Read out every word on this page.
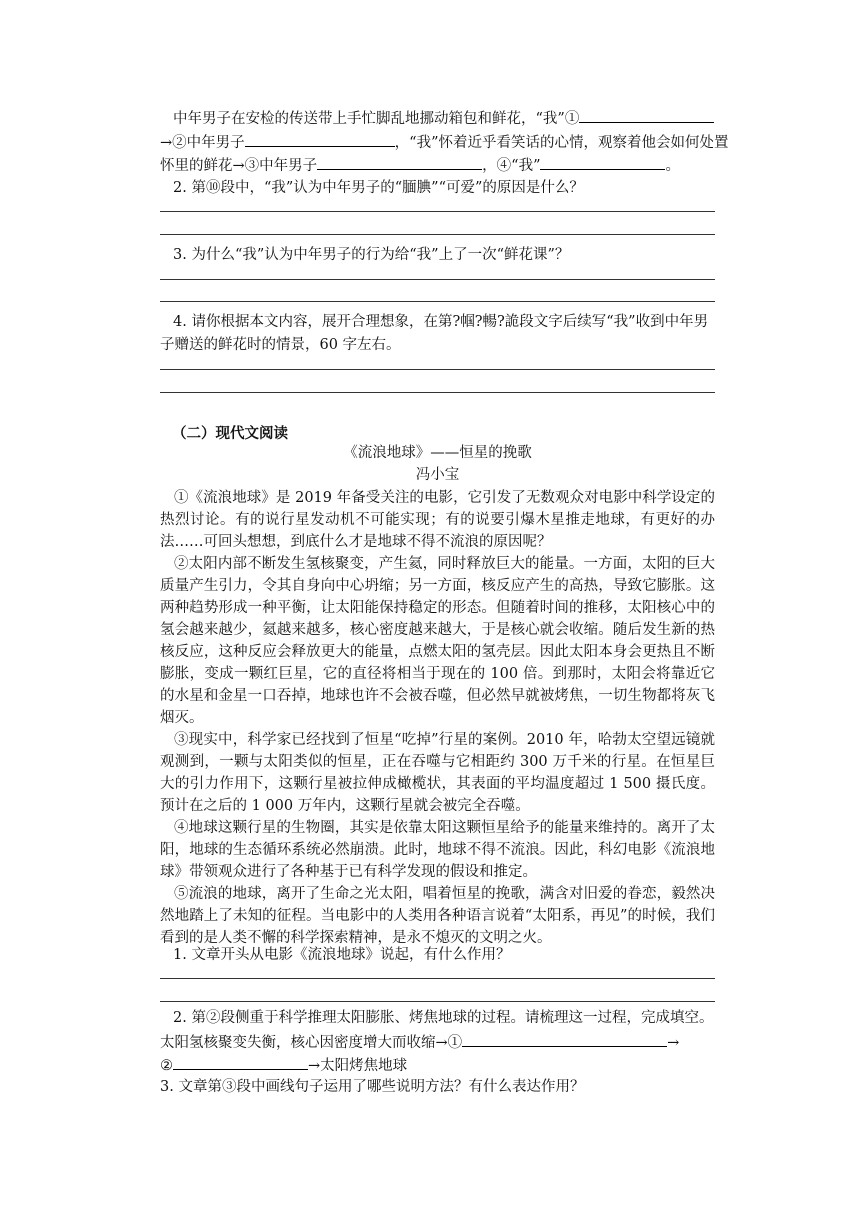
中年男子在安检的传送带上手忙脚乱地挪动箱包和鲜花，“我”①
→②中年男子	，“我”怀着近乎看笑话的心情，观察着他会如何处置
怀里的鲜花→③中年男子	，④“我”	。
2. 第⑩段中，“我”认为中年男子的“腼腆”“可爱”的原因是什么？
3. 为什么“我”认为中年男子的行为给“我”上了一次“鲜花课”？
4. 请你根据本文内容，展开合理想象，在第?帼?暢?詭段文字后续写“我”收到中年男
子赠送的鲜花时的情景，60 字左右。
（二）现代文阅读
《流浪地球》——恒星的挽歌
冯小宝

①《流浪地球》是 2019 年备受关注的电影，它引发了无数观众对电影中科学设定的热烈讨论。有的说行星发动机不可能实现；有的说要引爆木星推走地球，有更好的办法……可回头想想，到底什么才是地球不得不流浪的原因呢？

②太阳内部不断发生氢核聚变，产生氦，同时释放巨大的能量。一方面，太阳的巨大质量产生引力，令其自身向中心坍缩；另一方面，核反应产生的高热，导致它膨胀。这两种趋势形成一种平衡，让太阳能保持稳定的形态。但随着时间的推移，太阳核心中的氢会越来越少，氦越来越多，核心密度越来越大，于是核心就会收缩。随后发生新的热核反应，这种反应会释放更大的能量，点燃太阳的氢壳层。因此太阳本身会更热且不断膨胀，变成一颗红巨星，它的直径将相当于现在的 100 倍。到那时，太阳会将靠近它的水星和金星一口吞掉，地球也许不会被吞噬，但必然早就被烤焦，一切生物都将灰飞烟灭。

③现实中，科学家已经找到了恒星“吃掉”行星的案例。2010 年，哈勃太空望远镜就观测到，一颗与太阳类似的恒星，正在吞噬与它相距约 300 万千米的行星。在恒星巨大的引力作用下，这颗行星被拉伸成橄榄状，其表面的平均温度超过 1 500 摄氏度。预计在之后的 1 000 万年内，这颗行星就会被完全吞噬。

④地球这颗行星的生物圈，其实是依靠太阳这颗恒星给予的能量来维持的。离开了太阳，地球的生态循环系统必然崩溃。此时，地球不得不流浪。因此，科幻电影《流浪地球》带领观众进行了各种基于已有科学发现的假设和推定。

⑤流浪的地球，离开了生命之光太阳，唱着恒星的挽歌，满含对旧爱的眷恋，毅然决然地踏上了未知的征程。当电影中的人类用各种语言说着“太阳系，再见”的时候，我们看到的是人类不懈的科学探索精神，是永不熄灭的文明之火。

1. 文章开头从电影《流浪地球》说起，有什么作用？
2. 第②段侧重于科学推理太阳膨胀、烤焦地球的过程。请梳理这一过程，完成填空。
太阳氢核聚变失衡，核心因密度增大而收缩→①	→
②	→太阳烤焦地球
3. 文章第③段中画线句子运用了哪些说明方法？有什么表达作用？
